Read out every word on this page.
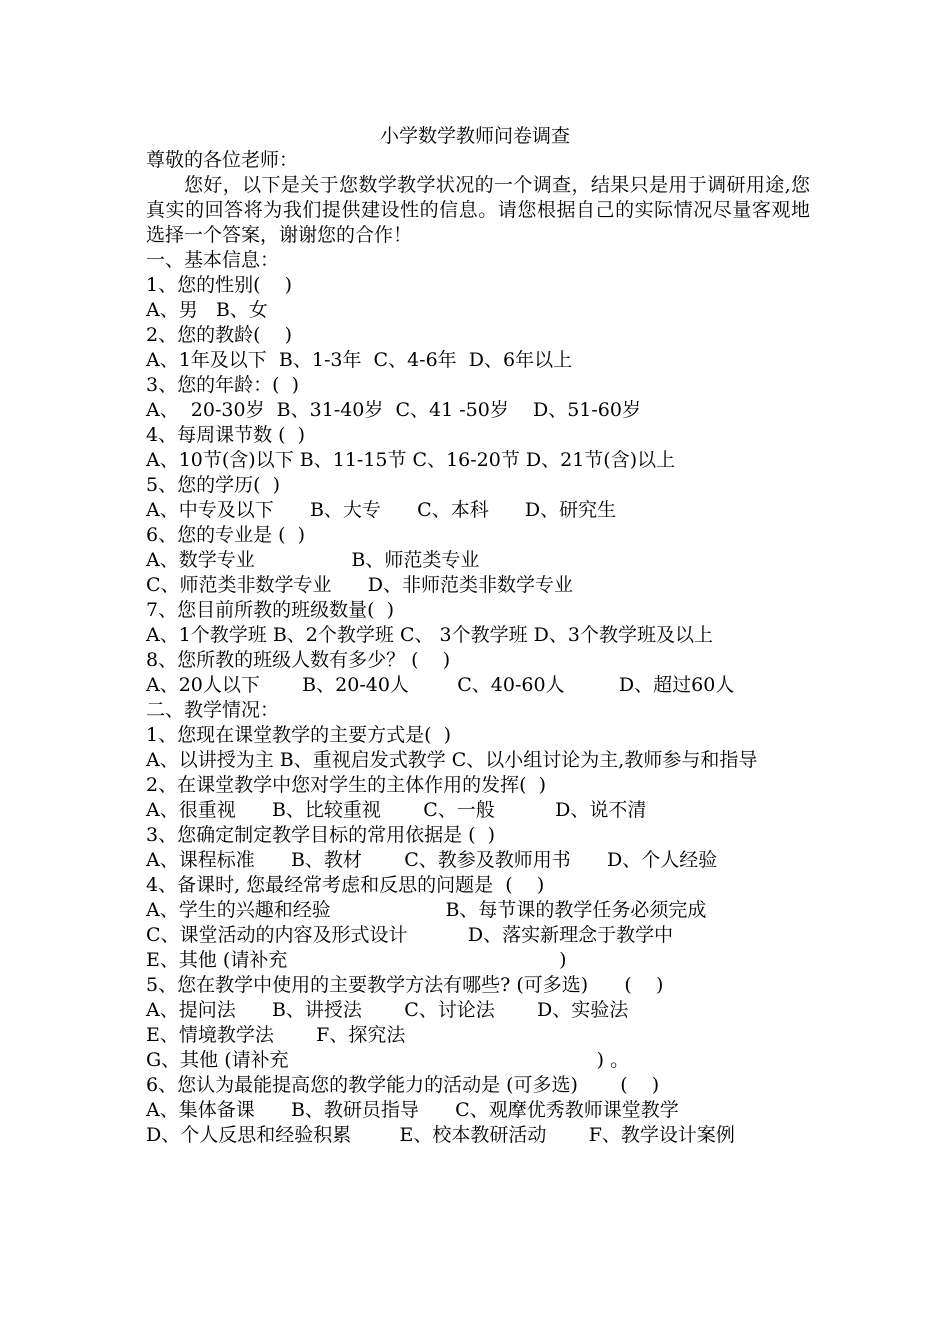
小学数学教师问卷调查
尊敬的各位老师：
您好，以下是关于您数学教学状况的一个调查，结果只是用于调研用途,您真实的回答将为我们提供建设性的信息。请您根据自己的实际情况尽量客观地选择一个答案，谢谢您的合作！
一、基本信息：
1、您的性别(    )
A、男   B、女
2、您的教龄(    )
A、1年及以下  B、1-3年  C、4-6年  D、6年以上
3、您的年龄：(  )
A、  20-30岁  B、31-40岁  C、41 -50岁    D、51-60岁
4、每周课节数 (  )
A、10节(含)以下 B、11-15节 C、16-20节 D、21节(含)以上
5、您的学历(  )
A、中专及以下      B、大专      C、本科      D、研究生
6、您的专业是 (  )
A、数学专业                B、师范类专业
C、师范类非数学专业      D、非师范类非数学专业
7、您目前所教的班级数量(  )
A、1个教学班 B、2个教学班 C、 3个教学班 D、3个教学班及以上
8、您所教的班级人数有多少？ (    )
A、20人以下       B、20-40人        C、40-60人         D、超过60人
二、教学情况：
1、您现在课堂教学的主要方式是(  )
A、以讲授为主 B、重视启发式教学 C、以小组讨论为主,教师参与和指导
2、在课堂教学中您对学生的主体作用的发挥(  )
A、很重视      B、比较重视       C、一般          D、说不清
3、您确定制定教学目标的常用依据是 (  )
A、课程标准      B、教材       C、教参及教师用书      D、个人经验
4、备课时, 您最经常考虑和反思的问题是  (    )
A、学生的兴趣和经验                   B、每节课的教学任务必须完成
C、课堂活动的内容及形式设计          D、落实新理念于教学中
E、其他 (请补充                                             )
5、您在教学中使用的主要教学方法有哪些? (可多选)      (    )
A、提问法      B、讲授法       C、讨论法       D、实验法
E、情境教学法       F、探究法
G、其他 (请补充                                                   ) 。
6、您认为最能提高您的教学能力的活动是 (可多选)       (    )
A、集体备课      B、教研员指导      C、观摩优秀教师课堂教学
D、个人反思和经验积累        E、校本教研活动       F、教学设计案例
